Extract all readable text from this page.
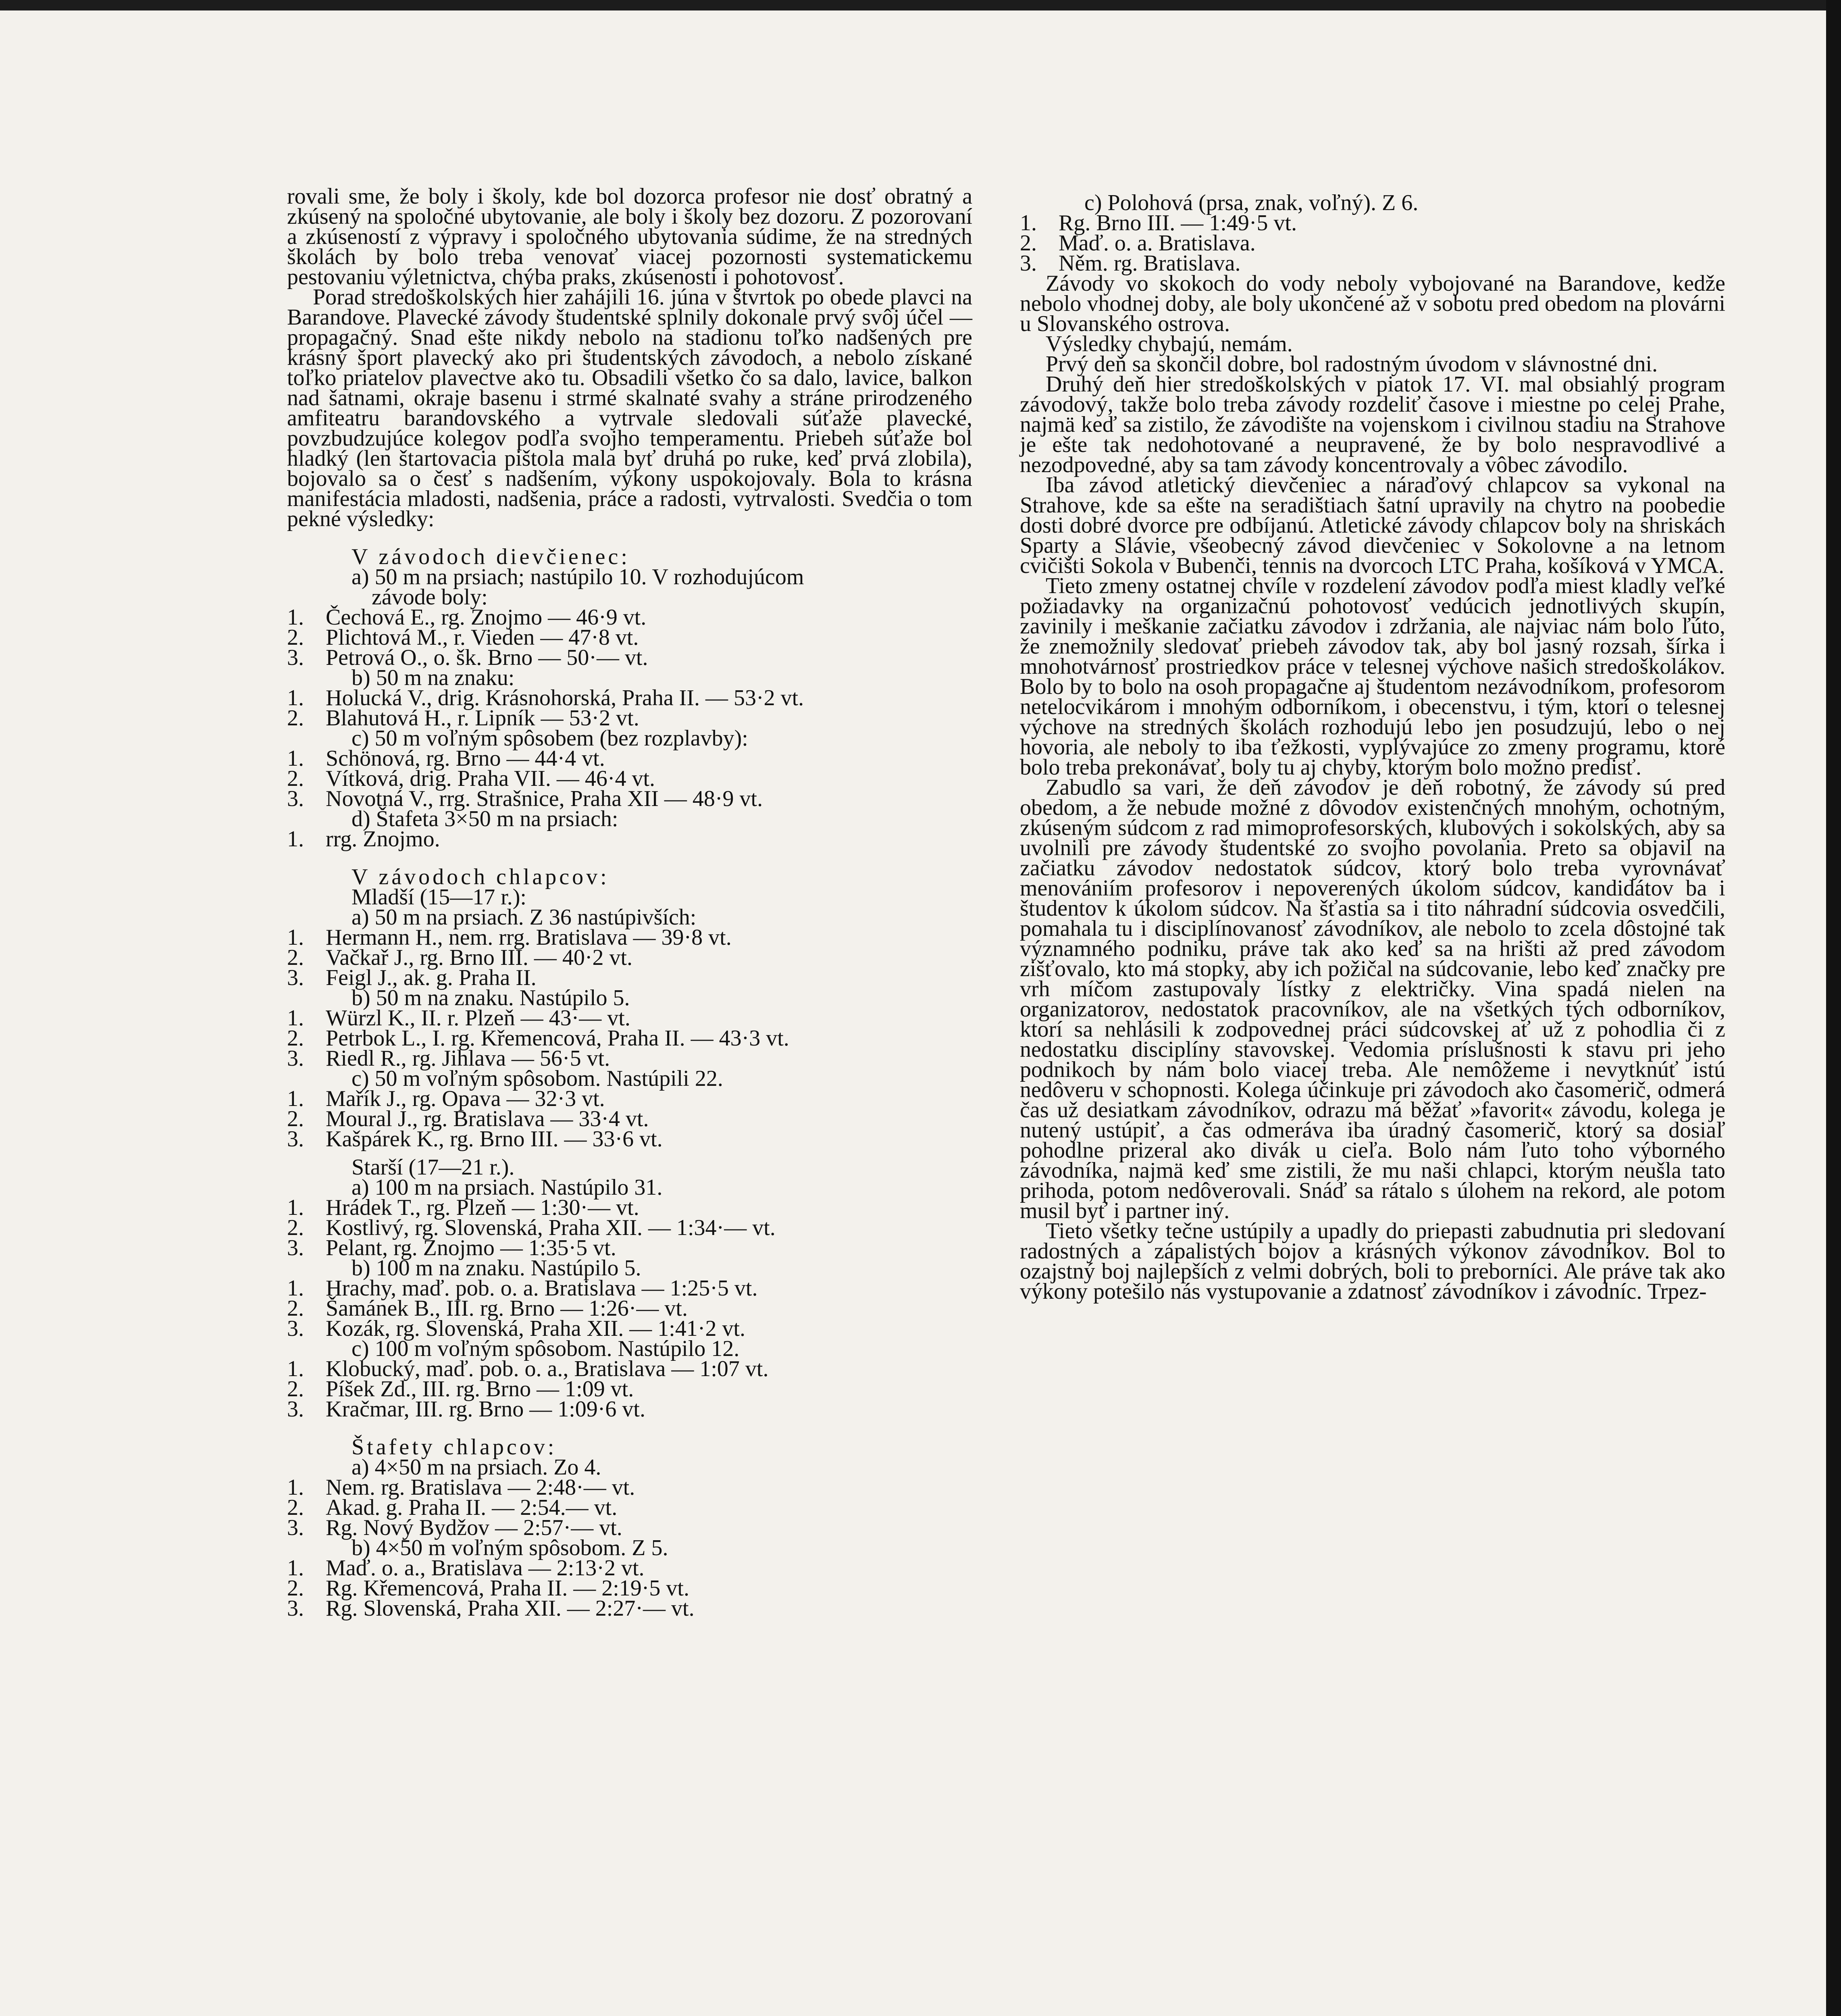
rovali sme, že boly i školy, kde bol dozorca profesor nie dosť obratný a zkúsený na spoločné ubytovanie, ale boly i školy bez dozoru. Z pozorovaní a zkúseností z výpravy i spoločného ubytovania súdime, že na stredných školách by bolo treba venovať viacej pozornosti systematickemu pestovaniu výletnictva, chýba praks, zkúsenosti i pohotovosť.

Porad stredoškolských hier zahájili 16. júna v štvrtok po obede plavci na Barandove. Plavecké závody študentské splnily dokonale prvý svôj účel — propagačný. Snad ešte nikdy nebolo na stadionu toľko nadšených pre krásný šport plavecký ako pri študentských závodoch, a nebolo získané toľko priatelov plavectve ako tu. Obsadili všetko čo sa dalo, lavice, balkon nad šatnami, okraje basenu i strmé skalnaté svahy a stráne prirodzeného amfiteatru barandovského a vytrvale sledovali súťaže plavecké, povzbudzujúce kolegov podľa svojho temperamentu. Priebeh súťaže bol hladký (len štartovacia pištola mala byť druhá po ruke, keď prvá zlobila), bojovalo sa o česť s nadšením, výkony uspokojovaly. Bola to krásna manifestácia mladosti, nadšenia, práce a radosti, vytrvalosti. Svedčia o tom pekné výsledky:

V závodoch dievčienec:

a) 50 m na prsiach; nastúpilo 10. V rozhodujúcom

závode boly:

1. Čechová E., rg. Znojmo — 46·9 vt.
2. Plichtová M., r. Vieden — 47·8 vt.
3. Petrová O., o. šk. Brno — 50·— vt.

b) 50 m na znaku:

1. Holucká V., drig. Krásnohorská, Praha II. — 53·2 vt.
2. Blahutová H., r. Lipník — 53·2 vt.

c) 50 m voľným spôsobem (bez rozplavby):

1. Schönová, rg. Brno — 44·4 vt.
2. Vítková, drig. Praha VII. — 46·4 vt.
3. Novotná V., rrg. Strašnice, Praha XII — 48·9 vt.

d) Štafeta 3×50 m na prsiach:

1. rrg. Znojmo.

V závodoch chlapcov:

Mladší (15—17 r.):

a) 50 m na prsiach. Z 36 nastúpivších:

1. Hermann H., nem. rrg. Bratislava — 39·8 vt.
2. Vačkař J., rg. Brno III. — 40·2 vt.
3. Feigl J., ak. g. Praha II.

b) 50 m na znaku. Nastúpilo 5.

1. Würzl K., II. r. Plzeň — 43·— vt.
2. Petrbok L., I. rg. Křemencová, Praha II. — 43·3 vt.
3. Riedl R., rg. Jihlava — 56·5 vt.

c) 50 m voľným spôsobom. Nastúpili 22.

1. Mařík J., rg. Opava — 32·3 vt.
2. Moural J., rg. Bratislava — 33·4 vt.
3. Kašpárek K., rg. Brno III. — 33·6 vt.

Starší (17—21 r.).

a) 100 m na prsiach. Nastúpilo 31.

1. Hrádek T., rg. Plzeň — 1:30·— vt.
2. Kostlivý, rg. Slovenská, Praha XII. — 1:34·— vt.
3. Pelant, rg. Znojmo — 1:35·5 vt.

b) 100 m na znaku. Nastúpilo 5.

1. Hrachy, maď. pob. o. a. Bratislava — 1:25·5 vt.
2. Šamánek B., III. rg. Brno — 1:26·— vt.
3. Kozák, rg. Slovenská, Praha XII. — 1:41·2 vt.

c) 100 m voľným spôsobom. Nastúpilo 12.

1. Klobucký, maď. pob. o. a., Bratislava — 1:07 vt.
2. Píšek Zd., III. rg. Brno — 1:09 vt.
3. Kračmar, III. rg. Brno — 1:09·6 vt.

Štafety chlapcov:

a) 4×50 m na prsiach. Zo 4.

1. Nem. rg. Bratislava — 2:48·— vt.
2. Akad. g. Praha II. — 2:54.— vt.
3. Rg. Nový Bydžov — 2:57·— vt.

b) 4×50 m voľným spôsobom. Z 5.

1. Maď. o. a., Bratislava — 2:13·2 vt.
2. Rg. Křemencová, Praha II. — 2:19·5 vt.
3. Rg. Slovenská, Praha XII. — 2:27·— vt.

c) Polohová (prsa, znak, voľný). Z 6.

1. Rg. Brno III. — 1:49·5 vt.
2. Maď. o. a. Bratislava.
3. Něm. rg. Bratislava.

Závody vo skokoch do vody neboly vybojované na Barandove, kedže nebolo vhodnej doby, ale boly ukončené až v sobotu pred obedom na plovárni u Slovanského ostrova.

Výsledky chybajú, nemám.

Prvý deň sa skončil dobre, bol radostným úvodom v slávnostné dni.

Druhý deň hier stredoškolských v piatok 17. VI. mal obsiahlý program závodový, takže bolo treba závody rozdeliť časove i miestne po celej Prahe, najmä keď sa zistilo, že závodište na vojenskom i civilnou stadiu na Strahove je ešte tak nedohotované a neupravené, že by bolo nespravodlivé a nezodpovedné, aby sa tam závody koncentrovaly a vôbec závodilo.

Iba závod atletický dievčeniec a náraďový chlapcov sa vykonal na Strahove, kde sa ešte na seradištiach šatní upravily na chytro na poobedie dosti dobré dvorce pre odbíjanú. Atletické závody chlapcov boly na shriskách Sparty a Slávie, všeobecný závod dievčeniec v Sokolovne a na letnom cvičišti Sokola v Bubenči, tennis na dvorcoch LTC Praha, košíková v YMCA.

Tieto zmeny ostatnej chvíle v rozdelení závodov podľa miest kladly veľké požiadavky na organizačnú pohotovosť vedúcich jednotlivých skupín, zavinily i meškanie začiatku závodov i zdržania, ale najviac nám bolo ľúto, že znemožnily sledovať priebeh závodov tak, aby bol jasný rozsah, šírka i mnohotvárnosť prostriedkov práce v telesnej výchove našich stredoškolákov. Bolo by to bolo na osoh propagačne aj študentom nezávodníkom, profesorom netelocvikárom i mnohým odborníkom, i obecenstvu, i tým, ktorí o telesnej výchove na stredných školách rozhodujú lebo jen posudzujú, lebo o nej hovoria, ale neboly to iba ťežkosti, vyplývajúce zo zmeny programu, ktoré bolo treba prekonávať, boly tu aj chyby, ktorým bolo možno predisť.

Zabudlo sa vari, že deň závodov je deň robotný, že závody sú pred obedom, a že nebude možné z dôvodov existenčných mnohým, ochotným, zkúseným súdcom z rad mimoprofesorských, klubových i sokolských, aby sa uvolnili pre závody študentské zo svojho povolania. Preto sa objavil na začiatku závodov nedostatok súdcov, ktorý bolo treba vyrovnávať menovániím profesorov i nepoverených úkolom súdcov, kandidátov ba i študentov k úkolom súdcov. Na šťastia sa i tito náhradní súdcovia osvedčili, pomahala tu i disciplínovanosť závodníkov, ale nebolo to zcela dôstojné tak významného podniku, práve tak ako keď sa na hrišti až pred závodom zišťovalo, kto má stopky, aby ich požičal na súdcovanie, lebo keď značky pre vrh míčom zastupovaly lístky z električky. Vina spadá nielen na organizatorov, nedostatok pracovníkov, ale na všetkých tých odborníkov, ktorí sa nehlásili k zodpovednej práci súdcovskej ať už z pohodlia či z nedostatku disciplíny stavovskej. Vedomia príslušnosti k stavu pri jeho podnikoch by nám bolo viacej treba. Ale nemôžeme i nevytknúť istú nedôveru v schopnosti. Kolega účinkuje pri závodoch ako časomerič, odmerá čas už desiatkam závodníkov, odrazu má běžať »favorit« závodu, kolega je nutený ustúpiť, a čas odmeráva iba úradný časomerič, ktorý sa dosiaľ pohodlne prizeral ako divák u cieľa. Bolo nám ľuto toho výborného závodníka, najmä keď sme zistili, že mu naši chlapci, ktorým neušla tato prihoda, potom nedôverovali. Snáď sa rátalo s úlohem na rekord, ale potom musil byť i partner iný.

Tieto všetky tečne ustúpily a upadly do priepasti zabudnutia pri sledovaní radostných a zápalistých bojov a krásných výkonov závodníkov. Bol to ozajstný boj najlepších z velmi dobrých, boli to preborníci. Ale práve tak ako výkony potešilo nás vystupovanie a zdatnosť závodníkov i závodníc. Trpez-
